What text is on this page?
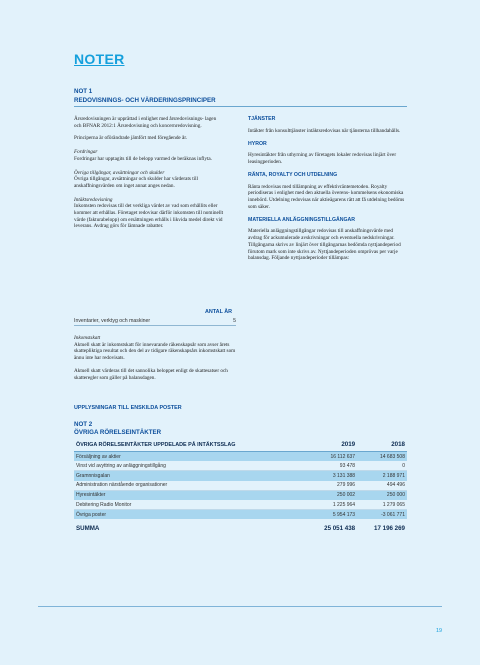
NOTER
NOT 1
REDOVISNINGS- OCH VÄRDERINGSPRINCIPER

Årsredovisningen är upprättad i enlighet med årsredovisnings- lagen och BFNAR 2012:1 Årsredovisning och koncernredovisning.

Principerna är oförändrade jämfört med föregående år.

Fordringar

Fordringar har upptagits till de belopp varmed de beräknas inflyta.

Övriga tillgångar, avsättningar och skulder

Övriga tillgångar, avsättningar och skulder har värderats till anskaffningsvärden om inget annat anges nedan.

Intäktsredovisning

Inkomsten redovisas till det verkliga värdet av vad som erhållits eller kommer att erhållas. Företaget redovisar därför inkomsten till nominellt värde (fakturabelopp) om ersättningen erhålls i likvida medel direkt vid leverans. Avdrag görs för lämnade rabatter.

TJÄNSTER

Intäkter från konsulttjänster intäktsredovisas när tjänsterna tillhandahålls.

HYROR

Hyresintäkter från uthyrning av företagets lokaler redovisas linjärt över leasingperioden.

RÄNTA, ROYALTY OCH UTDELNING

Ränta redovisas med tillämpning av effektivräntemetoden. Royalty periodiseras i enlighet med den aktuella överens- kommelsens ekonomiska innebörd. Utdelning redovisas när aktieägarens rätt att få utdelning bedöms som säker.

MATERIELLA ANLÄGGNINGSTILLGÅNGAR

Materiella anläggningstillgångar redovisas till anskaffningsvärde med avdrag för ackumulerade avskrivningar och eventuella nedskrivningar. Tillgångarna skrivs av linjärt över tillgångarnas bedömda nyttjandeperiod förutom mark som inte skrivs av. Nyttjandeperioden omprövas per varje balansdag. Följande nyttjandeperioder tillämpas:

ANTAL ÅR
Inventarier, verktyg och maskiner	5

Inkomstskatt

Aktuell skatt är inkomstskatt för innevarande räkenskapsår som avser årets skattepliktiga resultat och den del av tidigare räkenskapsårs inkomstskatt som ännu inte har redovisats.

Aktuell skatt värderas till det sannolika beloppet enligt de skattesatser och skatteregler som gäller på balansdagen.

UPPLYSNINGAR TILL ENSKILDA POSTER
NOT 2
ÖVRIGA RÖRELSEINTÄKTER
ÖVRIGA RÖRELSEINTÄKTER UPPDELADE PÅ INTÄKTSSLAG	2019	2018
Försäljning av aktier	16 112 637	14 683 508
Vinst vid avyttring av anläggningstillgång	93 478	0
Gramnnisgalan	3 131 388	2 188 971
Administration närstående organisationer	279 996	494 496
Hyresintäkter	250 002	250 000
Debitering Radio Monitor	1 225 964	1 279 065
Övriga poster	5 954 173	-3 061 771
SUMMA	25 051 438	17 196 269
19
